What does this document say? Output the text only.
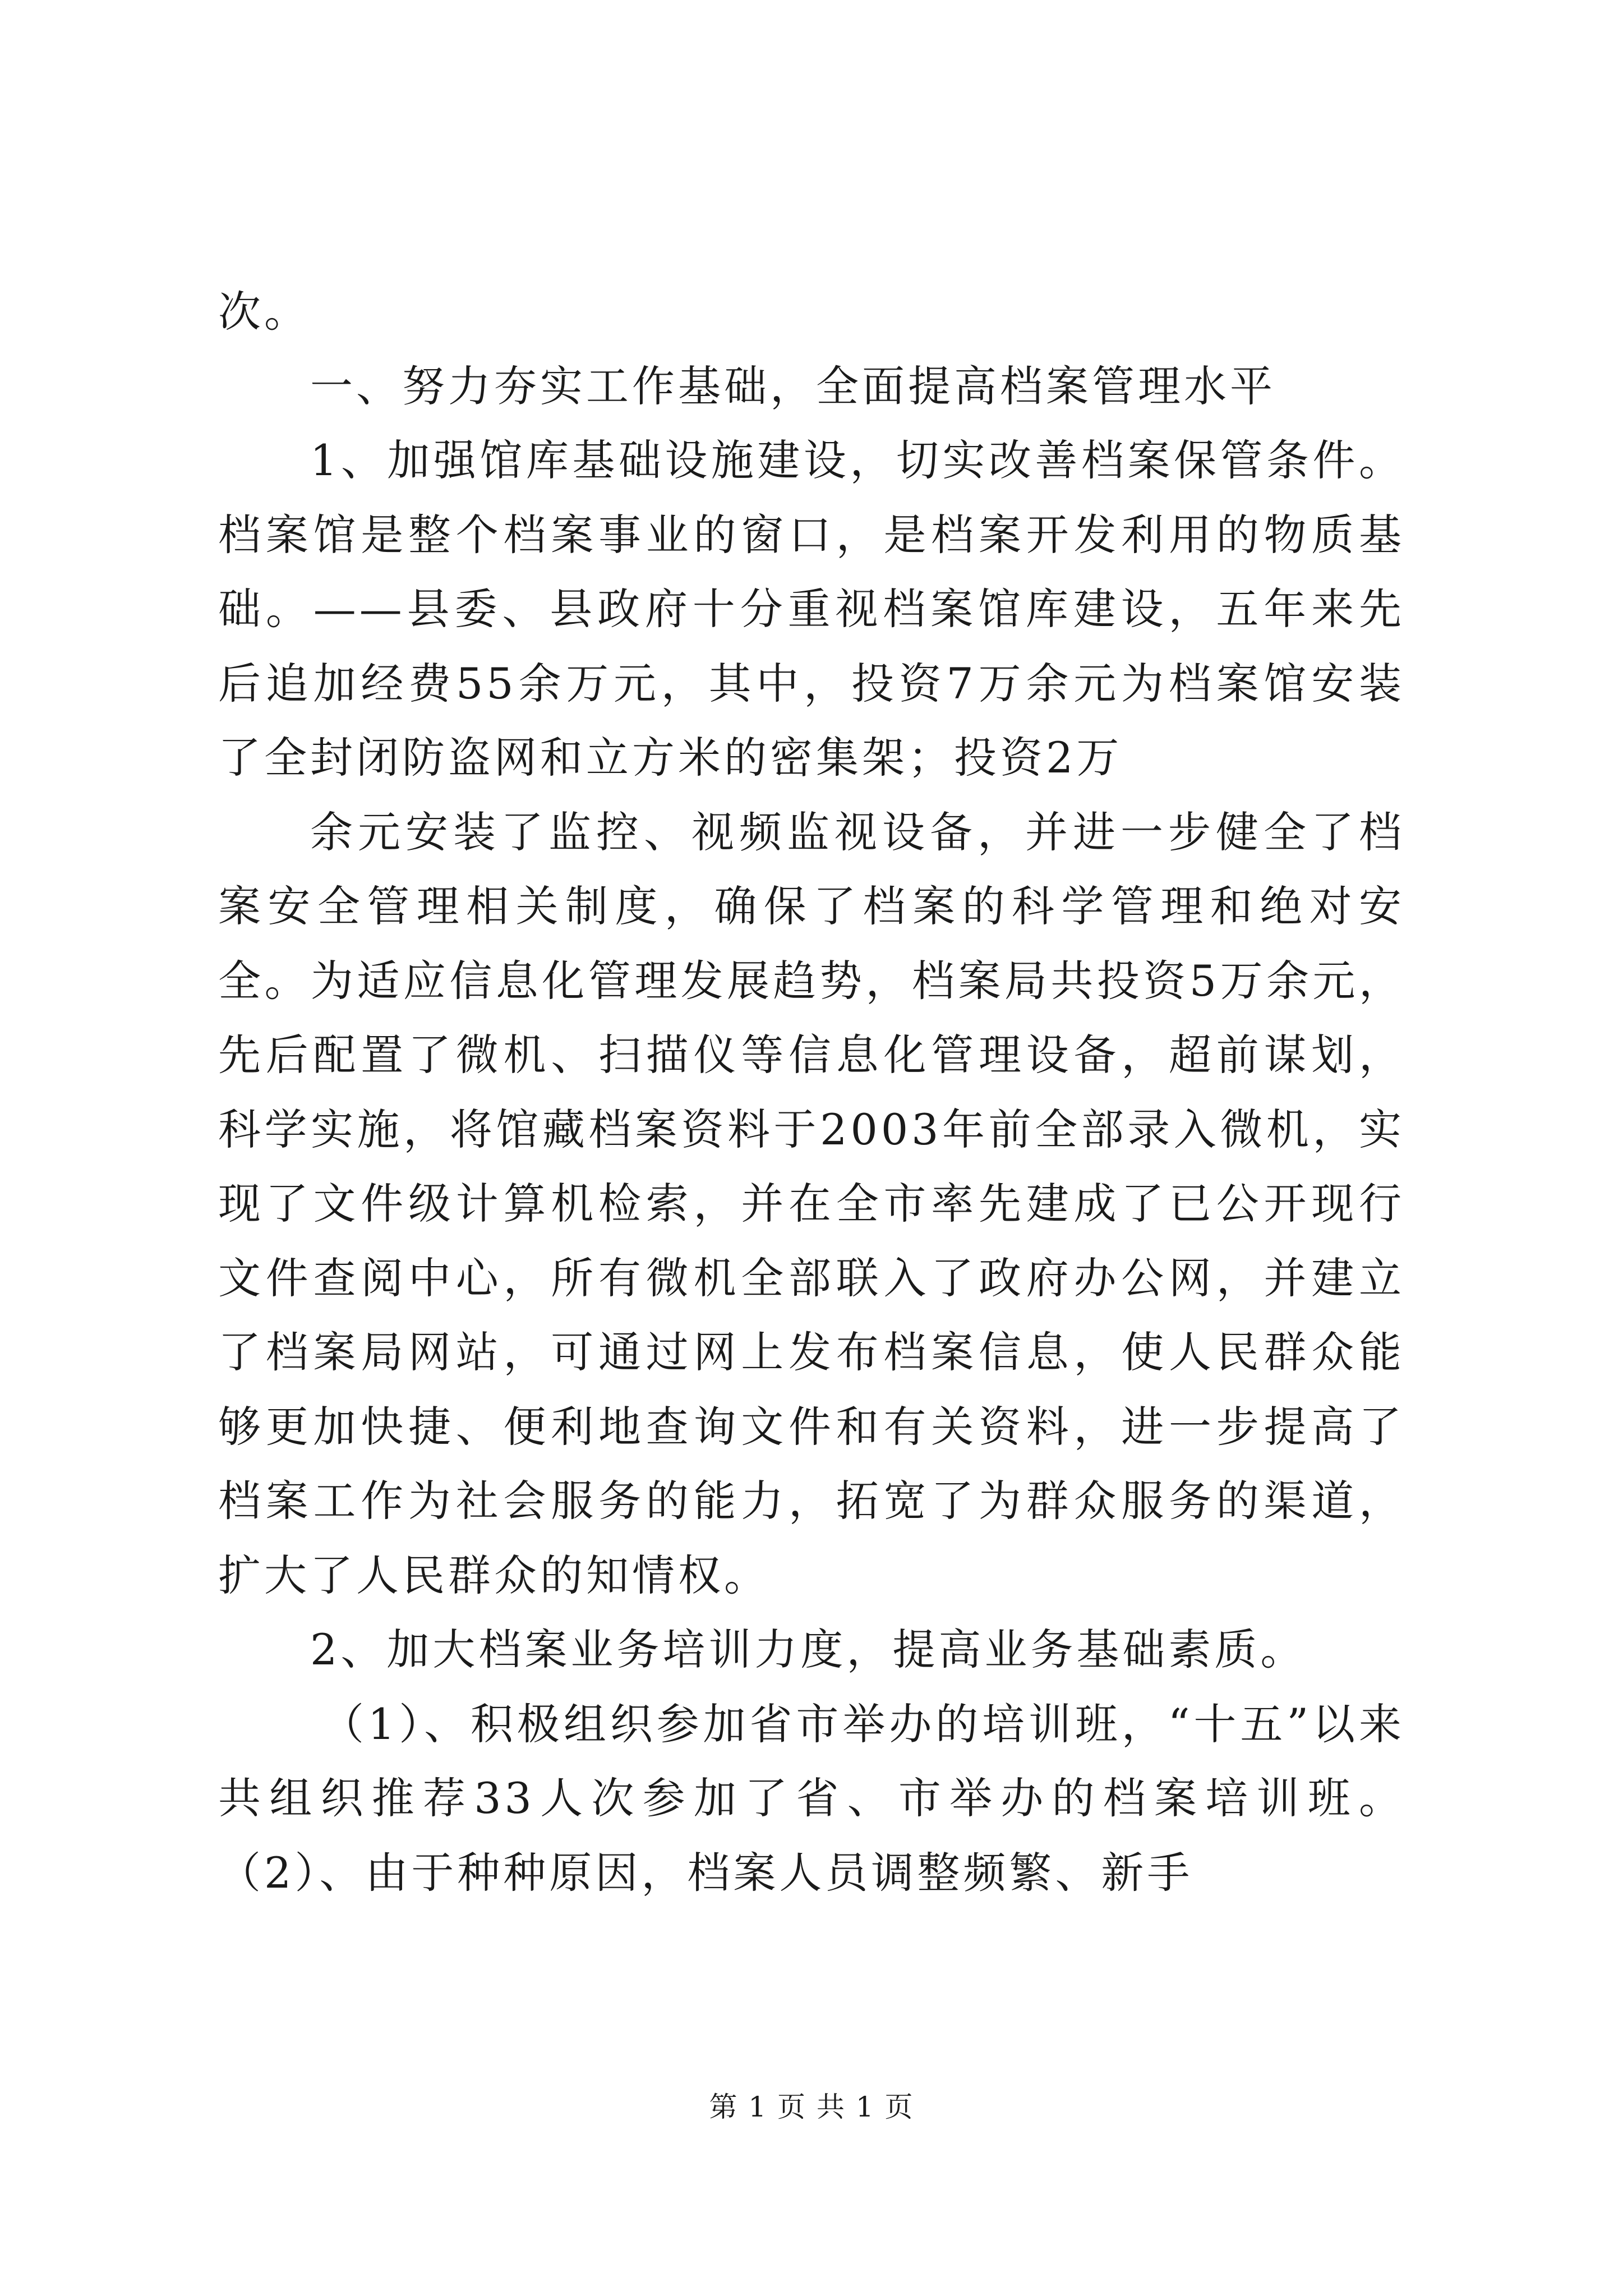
次。

一、努力夯实工作基础，全面提高档案管理水平

1、加强馆库基础设施建设，切实改善档案保管条件。档案馆是整个档案事业的窗口，是档案开发利用的物质基础。——县委、县政府十分重视档案馆库建设，五年来先后追加经费55余万元，其中，投资7万余元为档案馆安装了全封闭防盗网和立方米的密集架；投资2万

余元安装了监控、视频监视设备，并进一步健全了档案安全管理相关制度，确保了档案的科学管理和绝对安全。为适应信息化管理发展趋势，档案局共投资5万余元，先后配置了微机、扫描仪等信息化管理设备，超前谋划，科学实施，将馆藏档案资料于2003年前全部录入微机，实现了文件级计算机检索，并在全市率先建成了已公开现行文件查阅中心，所有微机全部联入了政府办公网，并建立了档案局网站，可通过网上发布档案信息，使人民群众能够更加快捷、便利地查询文件和有关资料，进一步提高了档案工作为社会服务的能力，拓宽了为群众服务的渠道，扩大了人民群众的知情权。

2、加大档案业务培训力度，提高业务基础素质。

（1）、积极组织参加省市举办的培训班，“十五”以来共组织推荐33人次参加了省、市举办的档案培训班。（2）、由于种种原因，档案人员调整频繁、新手

第 1 页 共 1 页
